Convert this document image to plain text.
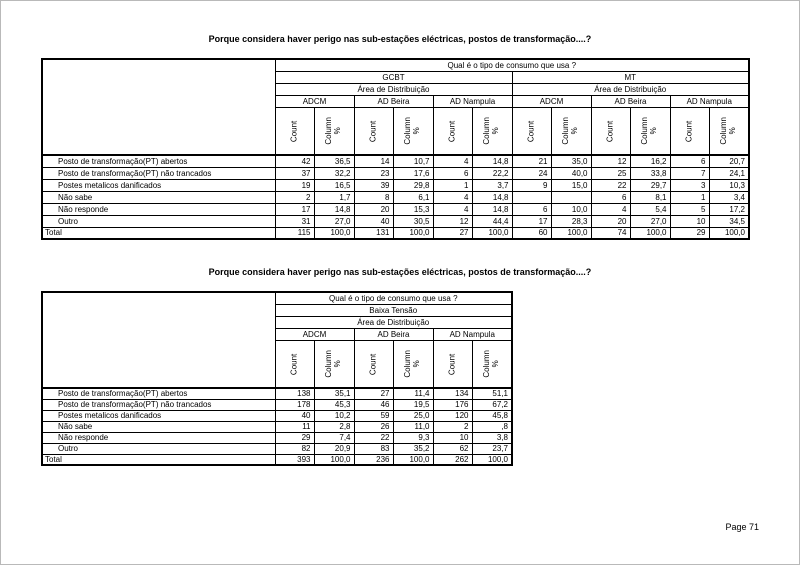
Porque considera haver perigo nas sub-estações eléctricas, postos de transformação....?
	Qual é o tipo de consumo que usa ?											
	GCBT						MT					
	Área de Distribuição						Área de Distribuição					
	ADCM		AD Beira		AD Nampula		ADCM		AD Beira		AD Nampula	
	Count	Column %	Count	Column %	Count	Column %	Count	Column %	Count	Column %	Count	Column %
Posto de transformação(PT) abertos	42	36,5	14	10,7	4	14,8	21	35,0	12	16,2	6	20,7
Posto de transformação(PT) não trancados	37	32,2	23	17,6	6	22,2	24	40,0	25	33,8	7	24,1
Postes metalicos danificados	19	16,5	39	29,8	1	3,7	9	15,0	22	29,7	3	10,3
Não sabe	2	1,7	8	6,1	4	14,8			6	8,1	1	3,4
Não responde	17	14,8	20	15,3	4	14,8	6	10,0	4	5,4	5	17,2
Outro	31	27,0	40	30,5	12	44,4	17	28,3	20	27,0	10	34,5
Total	115	100,0	131	100,0	27	100,0	60	100,0	74	100,0	29	100,0
Porque considera haver perigo nas sub-estações eléctricas, postos de transformação....?
	Qual é o tipo de consumo que usa ?					
	Baixa Tensão					
	Área de Distribuição					
	ADCM		AD Beira		AD Nampula	
	Count	Column %	Count	Column %	Count	Column %
Posto de transformação(PT) abertos	138	35,1	27	11,4	134	51,1
Posto de transformação(PT) não trancados	178	45,3	46	19,5	176	67,2
Postes metalicos danificados	40	10,2	59	25,0	120	45,8
Não sabe	11	2,8	26	11,0	2	,8
Não responde	29	7,4	22	9,3	10	3,8
Outro	82	20,9	83	35,2	62	23,7
Total	393	100,0	236	100,0	262	100,0
Page 71
